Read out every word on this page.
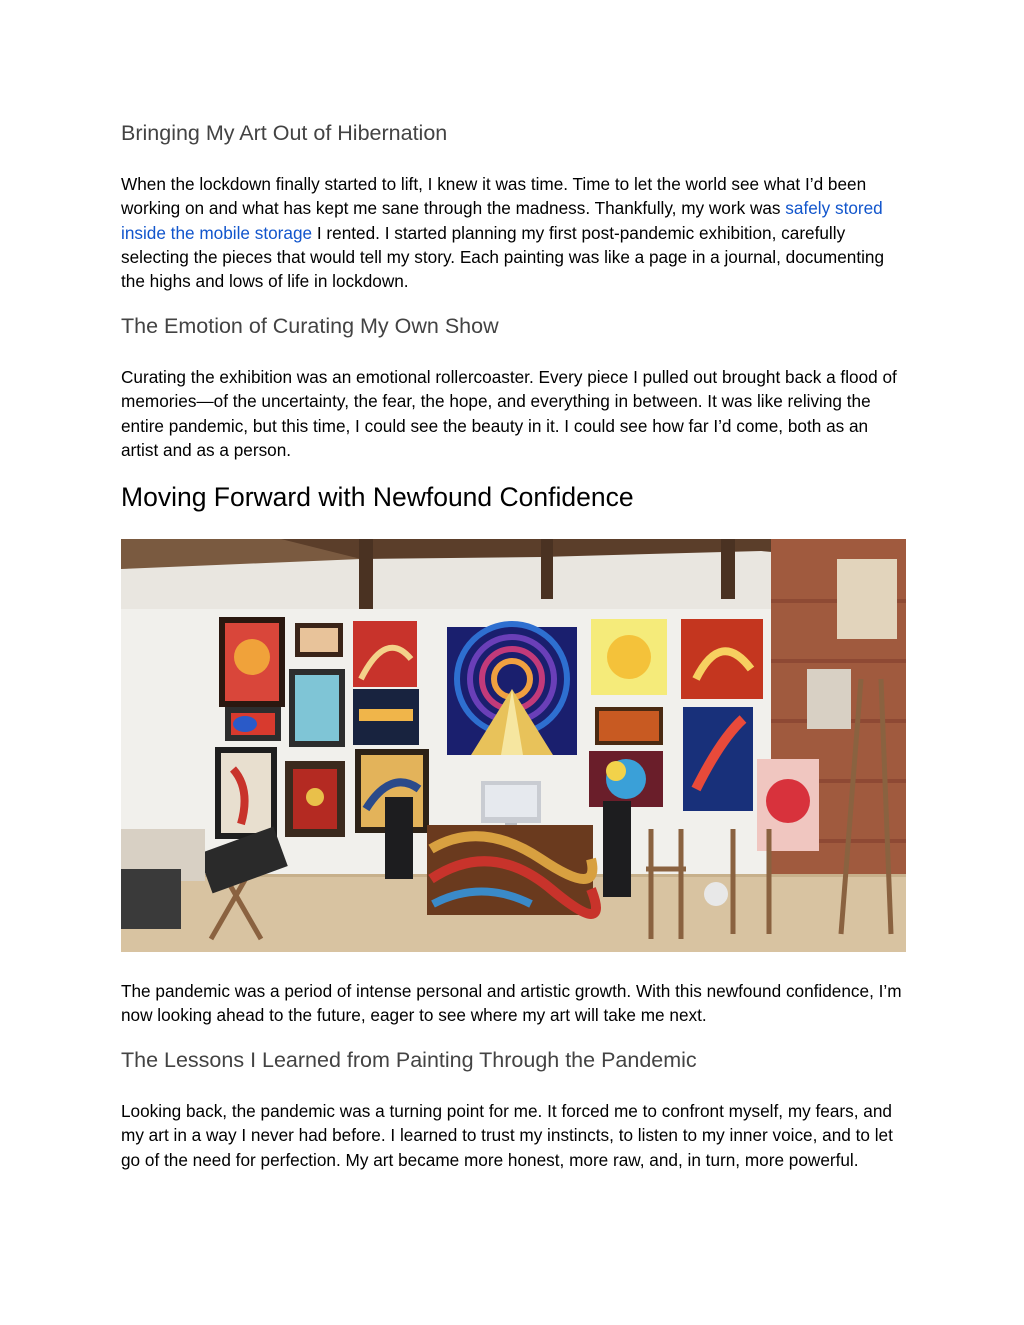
Bringing My Art Out of Hibernation

When the lockdown finally started to lift, I knew it was time. Time to let the world see what I’d been working on and what has kept me sane through the madness. Thankfully, my work was safely stored inside the mobile storage I rented. I started planning my first post-pandemic exhibition, carefully selecting the pieces that would tell my story. Each painting was like a page in a journal, documenting the highs and lows of life in lockdown.

The Emotion of Curating My Own Show

Curating the exhibition was an emotional rollercoaster. Every piece I pulled out brought back a flood of memories—of the uncertainty, the fear, the hope, and everything in between. It was like reliving the entire pandemic, but this time, I could see the beauty in it. I could see how far I’d come, both as an artist and as a person.

Moving Forward with Newfound Confidence

The pandemic was a period of intense personal and artistic growth. With this newfound confidence, I’m now looking ahead to the future, eager to see where my art will take me next.

The Lessons I Learned from Painting Through the Pandemic

Looking back, the pandemic was a turning point for me. It forced me to confront myself, my fears, and my art in a way I never had before. I learned to trust my instincts, to listen to my inner voice, and to let go of the need for perfection. My art became more honest, more raw, and, in turn, more powerful.
